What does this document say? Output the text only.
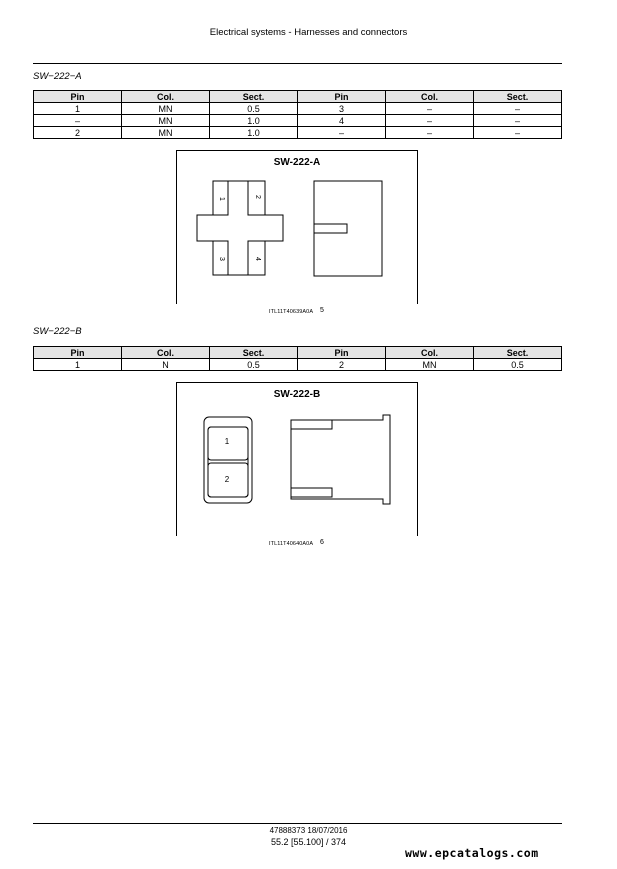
Electrical systems - Harnesses and connectors
SW−222−A
Pin	Col.	Sect.	Pin	Col.	Sect.
1	MN	0.5	3	–	–
–	MN	1.0	4	–	–
2	MN	1.0	–	–	–
SW-222-A
1
2
3	4
ITL11T40639A0A 5
SW−222−B
Pin	Col.	Sect.	Pin	Col.	Sect.
1	N	0.5	2	MN	0.5
SW-222-B
1
2
ITL11T40640A0A 6
47888373 18/07/2016
55.2 [55.100] / 374
www.epcatalogs.com
